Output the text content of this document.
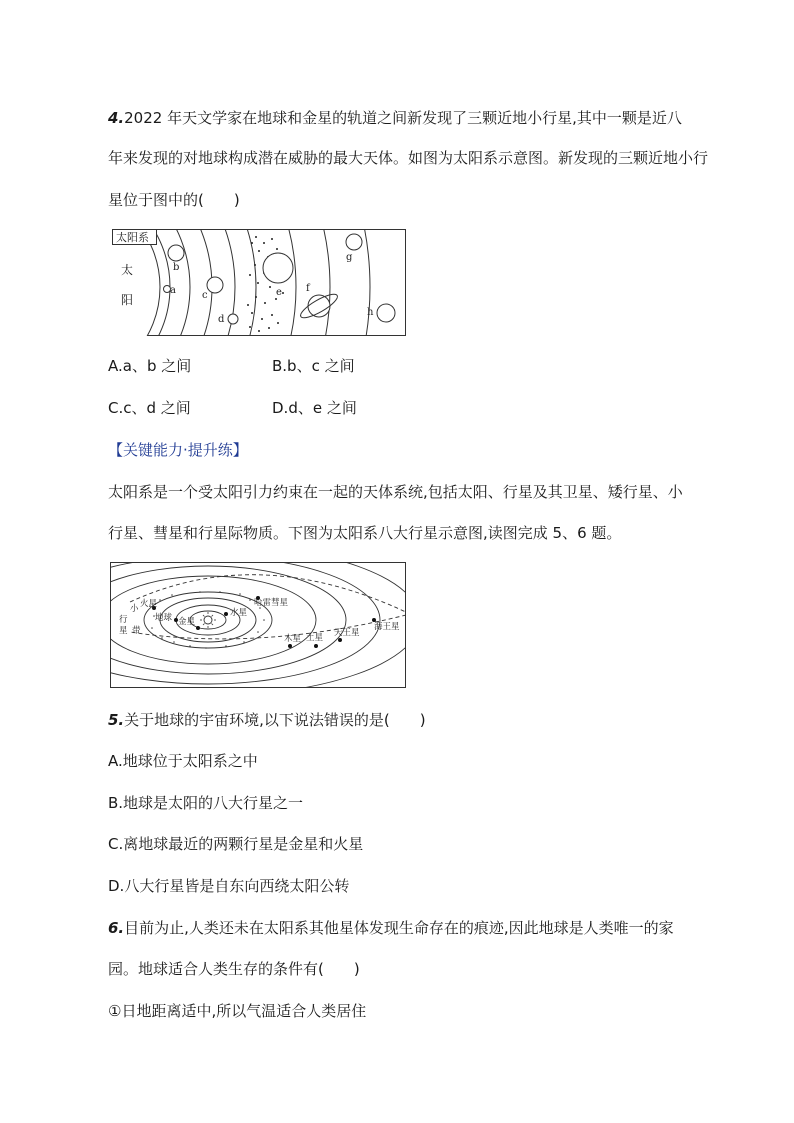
4.2022 年天文学家在地球和金星的轨道之间新发现了三颗近地小行星,其中一颗是近八
年来发现的对地球构成潜在威胁的最大天体。如图为太阳系示意图。新发现的三颗近地小行
星位于图中的(　　)
太阳系
太
阳
a
b
c
d
e f
g
h
A.a、b 之间	B.b、c 之间
C.c、d 之间	D.d、e 之间
【关键能力·提升练】
太阳系是一个受太阳引力约束在一起的天体系统,包括太阳、行星及其卫星、矮行星、小
行星、彗星和行星际物质。下图为太阳系八大行星示意图,读图完成 5、6 题。
小
行
星 带
火星
地球 金星
水星
哈雷彗星
木星 土星 天王星
海王星
5.关于地球的宇宙环境,以下说法错误的是(　　)
A.地球位于太阳系之中
B.地球是太阳的八大行星之一
C.离地球最近的两颗行星是金星和火星
D.八大行星皆是自东向西绕太阳公转
6.目前为止,人类还未在太阳系其他星体发现生命存在的痕迹,因此地球是人类唯一的家
园。地球适合人类生存的条件有(　　)
①日地距离适中,所以气温适合人类居住
